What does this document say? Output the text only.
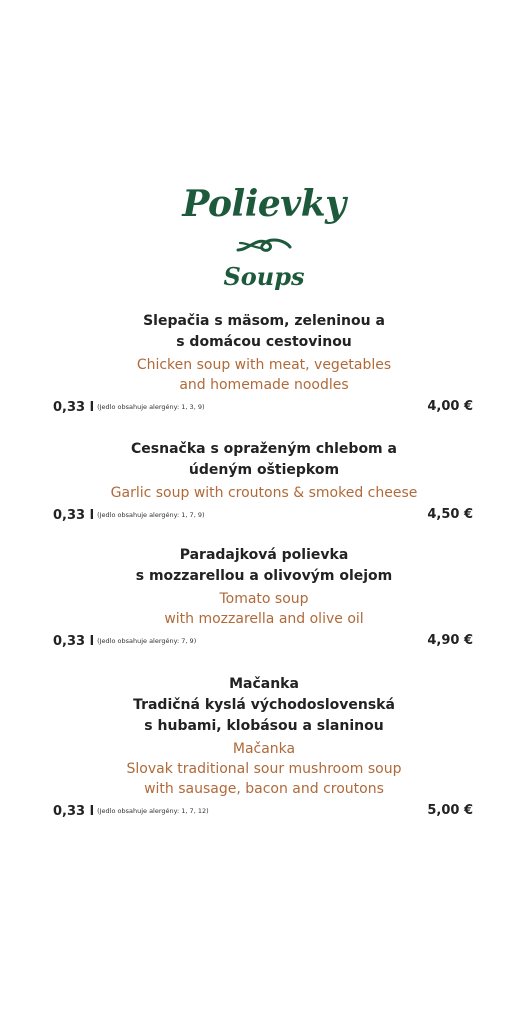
Polievky
Soups
Slepačia s mäsom, zeleninou a
s domácou cestovinou
Chicken soup with meat, vegetables
and homemade noodles
0,33 l (Jedlo obsahuje alergény: 1, 3, 9)	4,00 €
Cesnačka s opraženým chlebom a
údeným oštiepkom
Garlic soup with croutons & smoked cheese
0,33 l (Jedlo obsahuje alergény: 1, 7, 9)	4,50 €
Paradajková polievka
s mozzarellou a olivovým olejom
Tomato soup
with mozzarella and olive oil
0,33 l (Jedlo obsahuje alergény: 7, 9)	4,90 €
Mačanka
Tradičná kyslá východoslovenská
s hubami, klobásou a slaninou
Mačanka
Slovak traditional sour mushroom soup
with sausage, bacon and croutons
0,33 l (Jedlo obsahuje alergény: 1, 7, 12)	5,00 €
